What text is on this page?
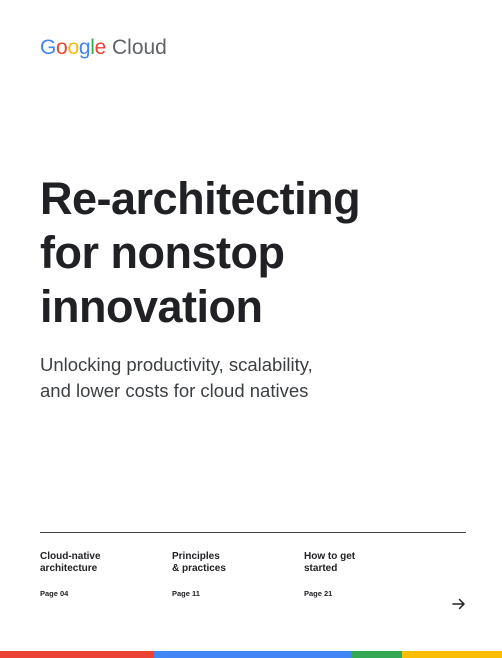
Google Cloud
Re-architecting
for nonstop
innovation

Unlocking productivity, scalability,
and lower costs for cloud natives

Cloud-native
architecture
Page 04
Principles
& practices
Page 11
How to get
started
Page 21
